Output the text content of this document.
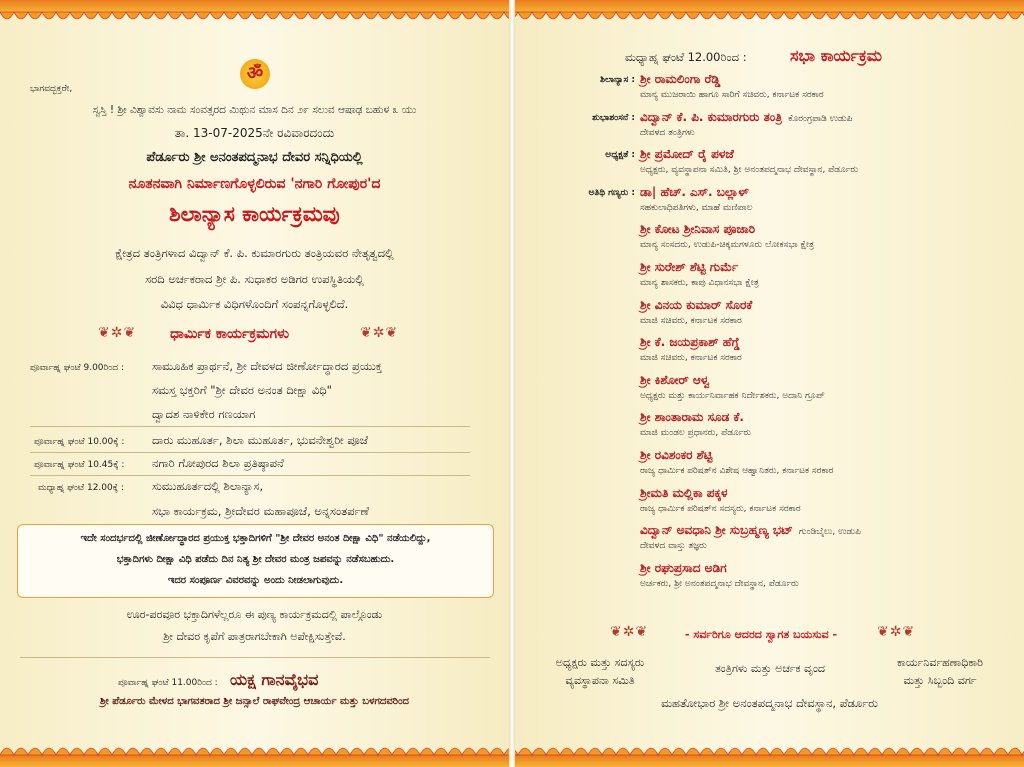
ಭಾಗವದ್ಭಕ್ತರೇ,
ॐ
ಸ್ವಸ್ತಿ ! ಶ್ರೀ ವಿಶ್ವಾವಸು ನಾಮ ಸಂವತ್ಸರದ ಮಿಥುನ ಮಾಸ ದಿನ ೨೯ ಸಲುವ ಆಷಾಢ ಬಹುಳ ೩ ಯು
ತಾ. 13-07-2025ನೇ ರವಿವಾರದಂದು
ಪೆರ್ಡೂರು ಶ್ರೀ ಅನಂತಪದ್ಮನಾಭ ದೇವರ ಸನ್ನಿಧಿಯಲ್ಲಿ
ನೂತನವಾಗಿ ನಿರ್ಮಾಣಗೊಳ್ಳಲಿರುವ 'ನಗಾರಿ ಗೋಪುರ'ದ
ಶಿಲಾನ್ಯಾಸ ಕಾರ್ಯಕ್ರಮವು
ಕ್ಷೇತ್ರದ ತಂತ್ರಿಗಳಾದ ವಿದ್ವಾನ್ ಕೆ. ಪಿ. ಕುಮಾರಗುರು ತಂತ್ರಿಯವರ ನೇತೃತ್ವದಲ್ಲಿ
ಸರದಿ ಅರ್ಚಕರಾದ ಶ್ರೀ ಪಿ. ಸುಧಾಕರ ಅಡಿಗರ ಉಪಸ್ಥಿತಿಯಲ್ಲಿ
ವಿವಿಧ ಧಾರ್ಮಿಕ ವಿಧಿಗಳೊಂದಿಗೆ ಸಂಪನ್ನಗೊಳ್ಳಲಿದೆ.
❦✲❦ ಧಾರ್ಮಿಕ ಕಾರ್ಯಕ್ರಮಗಳು	❦✲❦
ಪೂರ್ವಾಹ್ನ ಘಂಟೆ 9.00ರಿಂದ : ಸಾಮೂಹಿಕ ಪ್ರಾರ್ಥನೆ, ಶ್ರೀ ದೇವಳದ ಜೀರ್ಣೋದ್ಧಾರದ ಪ್ರಯುಕ್ತ
ಸಮಸ್ತ ಭಕ್ತರಿಗೆ "ಶ್ರೀ ದೇವರ ಅನಂತ ದೀಕ್ಷಾ ವಿಧಿ"
ದ್ವಾದಶ ನಾಳಿಕೇರ ಗಣಯಾಗ
ಪೂರ್ವಾಹ್ನ ಘಂಟೆ 10.00ಕ್ಕೆ : ದಾರು ಮುಹೂರ್ತ, ಶಿಲಾ ಮುಹೂರ್ತ, ಭುವನೇಶ್ವರೀ ಪೂಜೆ
ಪೂರ್ವಾಹ್ನ ಘಂಟೆ 10.45ಕ್ಕೆ : ನಗಾರಿ ಗೋಪುರದ ಶಿಲಾ ಪ್ರತಿಷ್ಠಾಪನೆ
ಮಧ್ಯಾಹ್ನ ಘಂಟೆ 12.00ಕ್ಕೆ : ಸುಮುಹೂರ್ತದಲ್ಲಿ ಶಿಲಾನ್ಯಾಸ,
ಸಭಾ ಕಾರ್ಯಕ್ರಮ, ಶ್ರೀದೇವರ ಮಹಾಪೂಜೆ, ಅನ್ನಸಂತರ್ಪಣೆ
ಇದೇ ಸಂದರ್ಭದಲ್ಲಿ ಜೀರ್ಣೋದ್ಧಾರದ ಪ್ರಯುಕ್ತ ಭಕ್ತಾದಿಗಳಿಗೆ "ಶ್ರೀ ದೇವರ ಅನಂತ ದೀಕ್ಷಾ ವಿಧಿ" ನಡೆಯಲಿದ್ದು,
ಭಕ್ತಾದಿಗಳು ದೀಕ್ಷಾ ವಿಧಿ ಪಡೆದು ದಿನ ನಿತ್ಯ ಶ್ರೀ ದೇವರ ಮಂತ್ರ ಜಪವನ್ನು ನಡೆಸಬಹುದು.
ಇದರ ಸಂಪೂರ್ಣ ವಿವರವನ್ನು ಅಂದು ನೀಡಲಾಗುವುದು.
ಊರ-ಪರವೂರ ಭಕ್ತಾದಿಗಳೆಲ್ಲರೂ ಈ ಪುಣ್ಯ ಕಾರ್ಯಕ್ರಮದಲ್ಲಿ ಪಾಲ್ಗೊಂಡು
ಶ್ರೀ ದೇವರ ಕೃಪೆಗೆ ಪಾತ್ರರಾಗಬೇಕಾಗಿ ಅಪೇಕ್ಷಿಸುತ್ತೇವೆ.
ಪೂರ್ವಾಹ್ನ ಘಂಟೆ 11.00ರಿಂದ : ಯಕ್ಷ ಗಾನವೈಭವ
ಶ್ರೀ ಪೆರ್ಡೂರು ಮೇಳದ ಭಾಗವತರಾದ ಶ್ರೀ ಜನ್ಸಾಲೆ ರಾಘವೇಂದ್ರ ಆಚಾರ್ಯ ಮತ್ತು ಬಳಗದವರಿಂದ
ಮಧ್ಯಾಹ್ನ ಘಂಟೆ 12.00ರಿಂದ :	ಸಭಾ ಕಾರ್ಯಕ್ರಮ
ಶಿಲಾನ್ಯಾಸ : ಶ್ರೀ ರಾಮಲಿಂಗಾ ರೆಡ್ಡಿ
ಮಾನ್ಯ ಮುಜರಾಯಿ ಹಾಗೂ ಸಾರಿಗೆ ಸಚಿವರು, ಕರ್ನಾಟಕ ಸರಕಾರ
ಶುಭಾಶಂಸನೆ : ವಿದ್ವಾನ್ ಕೆ. ಪಿ. ಕುಮಾರಗುರು ತಂತ್ರಿ ಕೊರಂಗ್ರಪಾಡಿ ಉಡುಪಿ
ದೇವಳದ ತಂತ್ರಿಗಳು
ಅಧ್ಯಕ್ಷತೆ : ಶ್ರೀ ಪ್ರಮೋದ್ ರೈ ಪಳಜೆ
ಅಧ್ಯಕ್ಷರು, ವ್ಯವಸ್ಥಾಪನಾ ಸಮಿತಿ, ಶ್ರೀ ಅನಂತಪದ್ಮನಾಭ ದೇವಸ್ಥಾನ, ಪೆರ್ಡೂರು
ಅತಿಥಿ ಗಣ್ಯರು : ಡಾ| ಹೆಚ್. ಎಸ್. ಬಲ್ಲಾಳ್
ಸಹಕುಲಾಧಿಪತಿಗಳು, ಮಾಹೆ ಮಣಿಪಾಲ
ಶ್ರೀ ಕೋಟ ಶ್ರೀನಿವಾಸ ಪೂಜಾರಿ
ಮಾನ್ಯ ಸಂಸದರು, ಉಡುಪಿ-ಚಿಕ್ಕಮಗಳೂರು ಲೋಕಸಭಾ ಕ್ಷೇತ್ರ
ಶ್ರೀ ಸುರೇಶ್ ಶೆಟ್ಟಿ ಗುರ್ಮೆ
ಮಾನ್ಯ ಶಾಸಕರು, ಕಾಪು ವಿಧಾನಸಭಾ ಕ್ಷೇತ್ರ
ಶ್ರೀ ವಿನಯ ಕುಮಾರ್ ಸೊರಕೆ
ಮಾಜಿ ಸಚಿವರು, ಕರ್ನಾಟಕ ಸರಕಾರ
ಶ್ರೀ ಕೆ. ಜಯಪ್ರಕಾಶ್ ಹೆಗ್ಡೆ
ಮಾಜಿ ಸಚಿವರು, ಕರ್ನಾಟಕ ಸರಕಾರ
ಶ್ರೀ ಕಿಶೋರ್ ಆಳ್ವ
ಅಧ್ಯಕ್ಷರು ಮತ್ತು ಕಾರ್ಯನಿರ್ವಾಹಕ ನಿರ್ದೇಶಕರು, ಅದಾನಿ ಗ್ರೂಪ್
ಶ್ರೀ ಶಾಂತಾರಾಮ ಸೂಡ ಕೆ.
ಮಾಜಿ ಮಂಡಲ ಪ್ರಧಾನರು, ಪೆರ್ಡೂರು
ಶ್ರೀ ರವಿಶಂಕರ ಶೆಟ್ಟಿ
ರಾಜ್ಯ ಧಾರ್ಮಿಕ ಪರಿಷತ್‌ನ ವಿಶೇಷ ಆಹ್ವಾನಿತರು, ಕರ್ನಾಟಕ ಸರಕಾರ
ಶ್ರೀಮತಿ ಮಲ್ಲಿಕಾ ಪಕ್ಕಳ
ರಾಜ್ಯ ಧಾರ್ಮಿಕ ಪರಿಷತ್‌ನ ಸದಸ್ಯರು, ಕರ್ನಾಟಕ ಸರಕಾರ
ವಿದ್ವಾನ್ ಅವಧಾನಿ ಶ್ರೀ ಸುಬ್ರಹ್ಮಣ್ಯ ಭಟ್ ಗುಂಡಿಬೈಲು, ಉಡುಪಿ
ದೇವಳದ ವಾಸ್ತು ತಜ್ಞರು
ಶ್ರೀ ರಘುಪ್ರಸಾದ ಅಡಿಗ
ಅರ್ಚಕರು, ಶ್ರೀ ಅನಂತಪದ್ಮನಾಭ ದೇವಸ್ಥಾನ, ಪೆರ್ಡೂರು
❦✲❦	- ಸರ್ವರಿಗೂ ಆದರದ ಸ್ವಾಗತ ಬಯಸುವ -	❦✲❦
ಅಧ್ಯಕ್ಷರು ಮತ್ತು ಸದಸ್ಯರು
ವ್ಯವಸ್ಥಾಪನಾ ಸಮಿತಿ
ತಂತ್ರಿಗಳು ಮತ್ತು ಅರ್ಚಕ ವೃಂದ	ಕಾರ್ಯನಿರ್ವಹಣಾಧಿಕಾರಿ
ಮತ್ತು ಸಿಬ್ಬಂದಿ ವರ್ಗ
ಮಹತೋಭಾರ ಶ್ರೀ ಅನಂತಪದ್ಮನಾಭ ದೇವಸ್ಥಾನ, ಪೆರ್ಡೂರು
